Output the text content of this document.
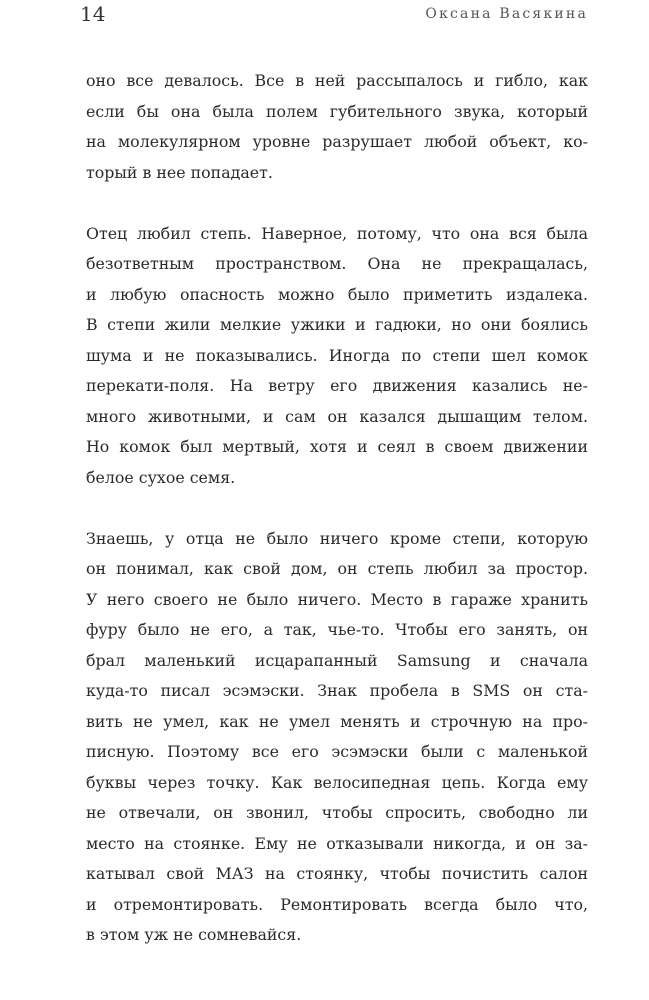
14	Оксана Васякина
оно все девалось. Все в ней рассыпалось и гибло, как
если бы она была полем губительного звука, который
на молекулярном уровне разрушает любой объект, ко-
торый в нее попадает.
Отец любил степь. Наверное, потому, что она вся была
безответным пространством. Она не прекращалась,
и любую опасность можно было приметить издалека.
В степи жили мелкие ужики и гадюки, но они боялись
шума и не показывались. Иногда по степи шел комок
перекати-поля. На ветру его движения казались не-
много животными, и сам он казался дышащим телом.
Но комок был мертвый, хотя и сеял в своем движении
белое сухое семя.
Знаешь, у отца не было ничего кроме степи, которую
он понимал, как свой дом, он степь любил за простор.
У него своего не было ничего. Место в гараже хранить
фуру было не его, а так, чье-то. Чтобы его занять, он
брал маленький исцарапанный Samsung и сначала
куда-то писал эсэмэски. Знак пробела в SMS он ста-
вить не умел, как не умел менять и строчную на про-
писную. Поэтому все его эсэмэски были с маленькой
буквы через точку. Как велосипедная цепь. Когда ему
не отвечали, он звонил, чтобы спросить, свободно ли
место на стоянке. Ему не отказывали никогда, и он за-
катывал свой МАЗ на стоянку, чтобы почистить салон
и отремонтировать. Ремонтировать всегда было что,
в этом уж не сомневайся.
